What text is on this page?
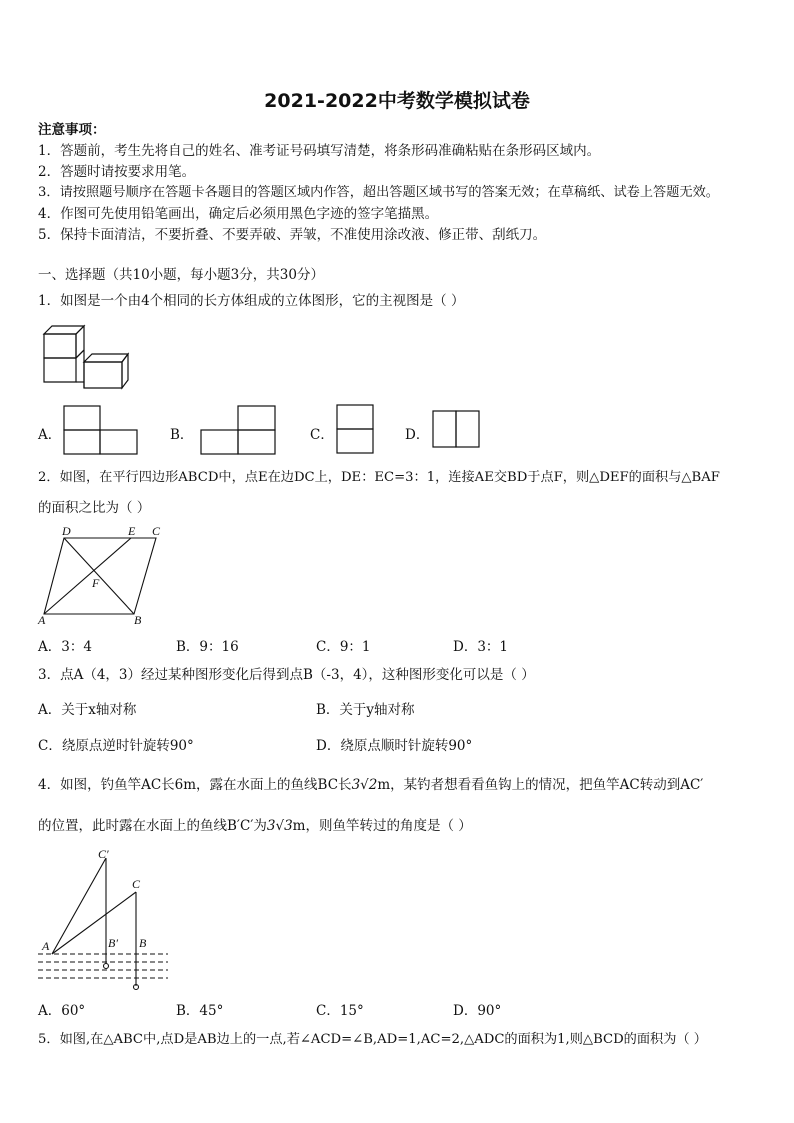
2021-2022中考数学模拟试卷
注意事项：
1．答题前，考生先将自己的姓名、准考证号码填写清楚，将条形码准确粘贴在条形码区域内。
2．答题时请按要求用笔。
3．请按照题号顺序在答题卡各题目的答题区域内作答，超出答题区域书写的答案无效；在草稿纸、试卷上答题无效。
4．作图可先使用铅笔画出，确定后必须用黑色字迹的签字笔描黑。
5．保持卡面清洁，不要折叠、不要弄破、弄皱，不准使用涂改液、修正带、刮纸刀。
一、选择题（共10小题，每小题3分，共30分）
1．如图是一个由4个相同的长方体组成的立体图形，它的主视图是（ ）
A．	B．	C．	D．
2．如图，在平行四边形ABCD中，点E在边DC上，DE：EC=3：1，连接AE交BD于点F，则△DEF的面积与△BAF
的面积之比为（ ）
D	E C
F
A	B
A．3：4	B．9：16	C．9：1	D．3：1
3．点A（4，3）经过某种图形变化后得到点B（-3，4），这种图形变化可以是（ ）
A．关于x轴对称	B．关于y轴对称
C．绕原点逆时针旋转90°	D．绕原点顺时针旋转90°
4．如图，钓鱼竿AC长6m，露在水面上的鱼线BC长3√2m，某钓者想看看鱼钩上的情况，把鱼竿AC转动到AC′
的位置，此时露在水面上的鱼线B′C′为3√3m，则鱼竿转过的角度是（ ）
C′
C
A	B′ B
A．60°	B．45°	C．15°	D．90°
5．如图,在△ABC中,点D是AB边上的一点,若∠ACD=∠B,AD=1,AC=2,△ADC的面积为1,则△BCD的面积为（ ）
